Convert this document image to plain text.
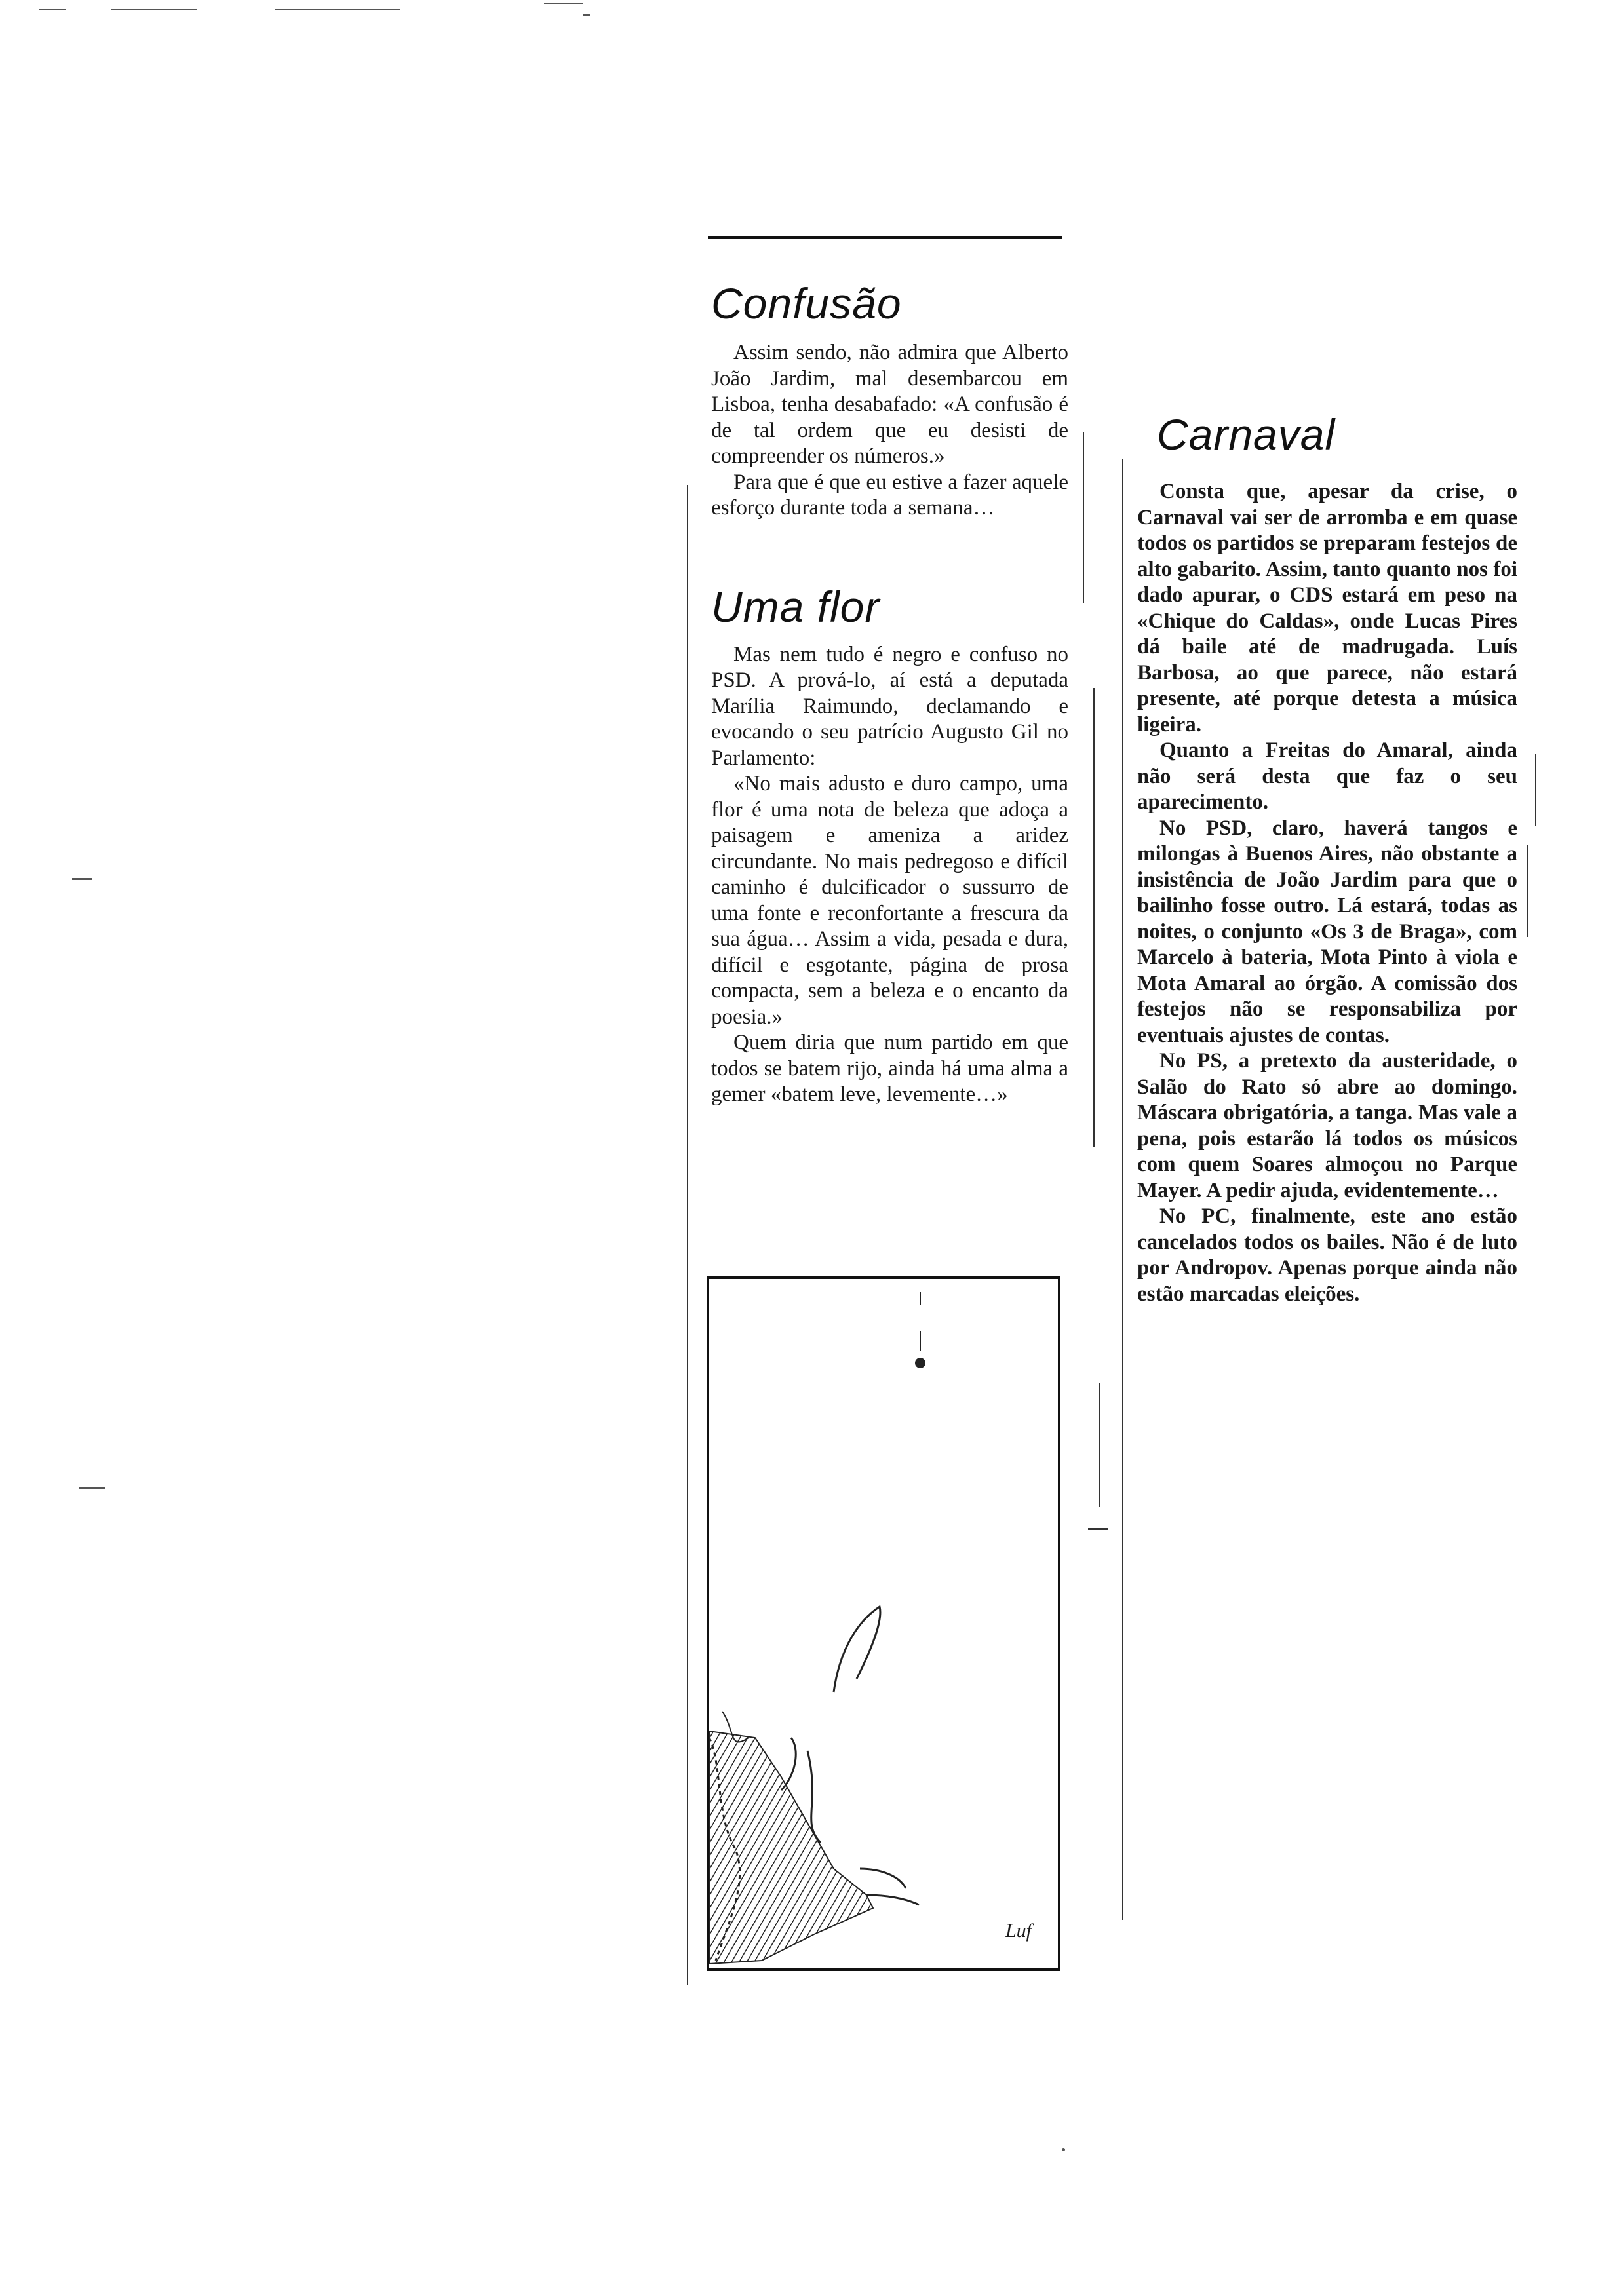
Confusão

Assim sendo, não admira que Alberto João Jardim, mal desembarcou em Lisboa, tenha desabafado: «A confusão é de tal ordem que eu desisti de compreender os números.»

Para que é que eu estive a fazer aquele esforço durante toda a semana…

Uma flor

Mas nem tudo é negro e confuso no PSD. A prová-lo, aí está a deputada Marília Raimundo, declamando e evocando o seu patrício Augusto Gil no Parlamento:

«No mais adusto e duro campo, uma flor é uma nota de beleza que adoça a paisagem e ameniza a aridez circundante. No mais pedregoso e difícil caminho é dulcificador o sussurro de uma fonte e reconfortante a frescura da sua água… Assim a vida, pesada e dura, difícil e esgotante, página de prosa compacta, sem a beleza e o encanto da poesia.»

Quem diria que num partido em que todos se batem rijo, ainda há uma alma a gemer «batem leve, levemente…»

Carnaval

Consta que, apesar da crise, o Carnaval vai ser de arromba e em quase todos os partidos se preparam festejos de alto gabarito. Assim, tanto quanto nos foi dado apurar, o CDS estará em peso na «Chique do Caldas», onde Lucas Pires dá baile até de madrugada. Luís Barbosa, ao que parece, não estará presente, até porque detesta a música ligeira.

Quanto a Freitas do Amaral, ainda não será desta que faz o seu aparecimento.

No PSD, claro, haverá tangos e milongas à Buenos Aires, não obstante a insistência de João Jardim para que o bailinho fosse outro. Lá estará, todas as noites, o conjunto «Os 3 de Braga», com Marcelo à bateria, Mota Pinto à viola e Mota Amaral ao órgão. A comissão dos festejos não se responsabiliza por eventuais ajustes de contas.

No PS, a pretexto da austeridade, o Salão do Rato só abre ao domingo. Máscara obrigatória, a tanga. Mas vale a pena, pois estarão lá todos os músicos com quem Soares almoçou no Parque Mayer. A pedir ajuda, evidentemente…

No PC, finalmente, este ano estão cancelados todos os bailes. Não é de luto por Andropov. Apenas porque ainda não estão marcadas eleições.

Luf
